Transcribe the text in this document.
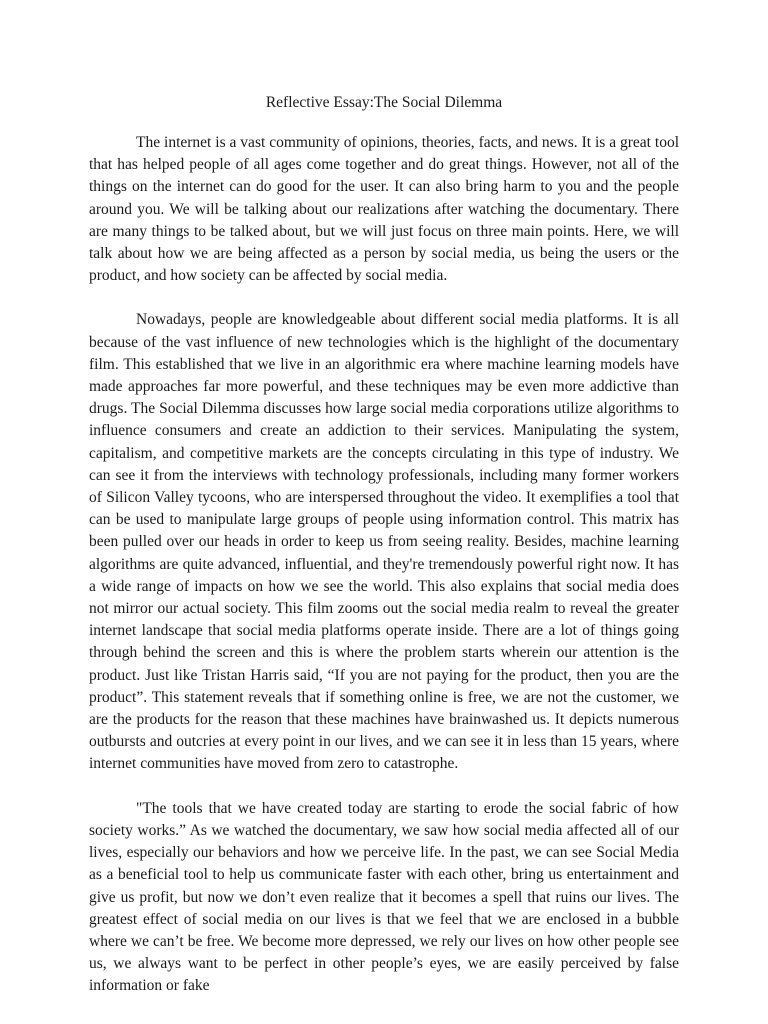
Reflective Essay:The Social Dilemma

The internet is a vast community of opinions, theories, facts, and news. It is a great tool that has helped people of all ages come together and do great things. However, not all of the things on the internet can do good for the user. It can also bring harm to you and the people around you. We will be talking about our realizations after watching the documentary. There are many things to be talked about, but we will just focus on three main points. Here, we will talk about how we are being affected as a person by social media, us being the users or the product, and how society can be affected by social media.

Nowadays, people are knowledgeable about different social media platforms. It is all because of the vast influence of new technologies which is the highlight of the documentary film. This established that we live in an algorithmic era where machine learning models have made approaches far more powerful, and these techniques may be even more addictive than drugs. The Social Dilemma discusses how large social media corporations utilize algorithms to influence consumers and create an addiction to their services. Manipulating the system, capitalism, and competitive markets are the concepts circulating in this type of industry. We can see it from the interviews with technology professionals, including many former workers of Silicon Valley tycoons, who are interspersed throughout the video. It exemplifies a tool that can be used to manipulate large groups of people using information control. This matrix has been pulled over our heads in order to keep us from seeing reality. Besides, machine learning algorithms are quite advanced, influential, and they're tremendously powerful right now. It has a wide range of impacts on how we see the world. This also explains that social media does not mirror our actual society. This film zooms out the social media realm to reveal the greater internet landscape that social media platforms operate inside. There are a lot of things going through behind the screen and this is where the problem starts wherein our attention is the product. Just like Tristan Harris said, “If you are not paying for the product, then you are the product”. This statement reveals that if something online is free, we are not the customer, we are the products for the reason that these machines have brainwashed us. It depicts numerous outbursts and outcries at every point in our lives, and we can see it in less than 15 years, where internet communities have moved from zero to catastrophe.

"The tools that we have created today are starting to erode the social fabric of how society works.” As we watched the documentary, we saw how social media affected all of our lives, especially our behaviors and how we perceive life. In the past, we can see Social Media as a beneficial tool to help us communicate faster with each other, bring us entertainment and give us profit, but now we don’t even realize that it becomes a spell that ruins our lives. The greatest effect of social media on our lives is that we feel that we are enclosed in a bubble where we can’t be free. We become more depressed, we rely our lives on how other people see us, we always want to be perfect in other people’s eyes, we are easily perceived by false information or fake
